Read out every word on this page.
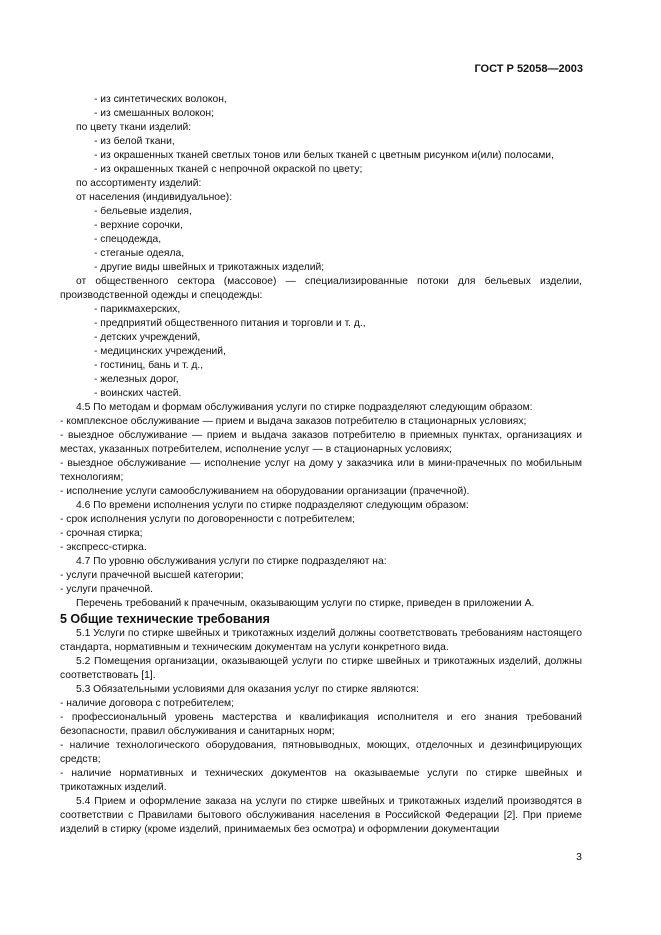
ГОСТ Р 52058—2003

- из синтетических волокон,

- из смешанных волокон;

по цвету ткани изделий:

- из белой ткани,

- из окрашенных тканей светлых тонов или белых тканей с цветным рисунком и(или) полосами,

- из окрашенных тканей с непрочной окраской по цвету;

по ассортименту изделий:

от населения (индивидуальное):

- бельевые изделия,

- верхние сорочки,

- спецодежда,

- стеганые одеяла,

- другие виды швейных и трикотажных изделий;

от общественного сектора (массовое) — специализированные потоки для бельевых изделии, производственной одежды и спецодежды:

- парикмахерских,

- предприятий общественного питания и торговли и т. д.,

- детских учреждений,

- медицинских учреждений,

- гостиниц, бань и т. д.,

- железных дорог,

- воинских частей.

4.5 По методам и формам обслуживания услуги по стирке подразделяют следующим образом:

- комплексное обслуживание — прием и выдача заказов потребителю в стационарных условиях;

- выездное обслуживание — прием и выдача заказов потребителю в приемных пунктах, организациях и местах, указанных потребителем, исполнение услуг — в стационарных условиях;

- выездное обслуживание — исполнение услуг на дому у заказчика или в мини-прачечных по мобильным технологиям;

- исполнение услуги самообслуживанием на оборудовании организации (прачечной).

4.6 По времени исполнения услуги по стирке подразделяют следующим образом:

- срок исполнения услуги по договоренности с потребителем;

- срочная стирка;

- экспресс-стирка.

4.7 По уровню обслуживания услуги по стирке подразделяют на:

- услуги прачечной высшей категории;

- услуги прачечной.

Перечень требований к прачечным, оказывающим услуги по стирке, приведен в приложении А.

5 Общие технические требования

5.1 Услуги по стирке швейных и трикотажных изделий должны соответствовать требованиям настоящего стандарта, нормативным и техническим документам на услуги конкретного вида.

5.2 Помещения организации, оказывающей услуги по стирке швейных и трикотажных изделий, должны соответствовать [1].

5.3 Обязательными условиями для оказания услуг по стирке являются:

- наличие договора с потребителем;

- профессиональный уровень мастерства и квалификация исполнителя и его знания требований безопасности, правил обслуживания и санитарных норм;

- наличие технологического оборудования, пятновыводных, моющих, отделочных и дезинфицирующих средств;

- наличие нормативных и технических документов на оказываемые услуги по стирке швейных и трикотажных изделий.

5.4 Прием и оформление заказа на услуги по стирке швейных и трикотажных изделий производятся в соответствии с Правилами бытового обслуживания населения в Российской Федерации [2]. При приеме изделий в стирку (кроме изделий, принимаемых без осмотра) и оформлении документации

3
